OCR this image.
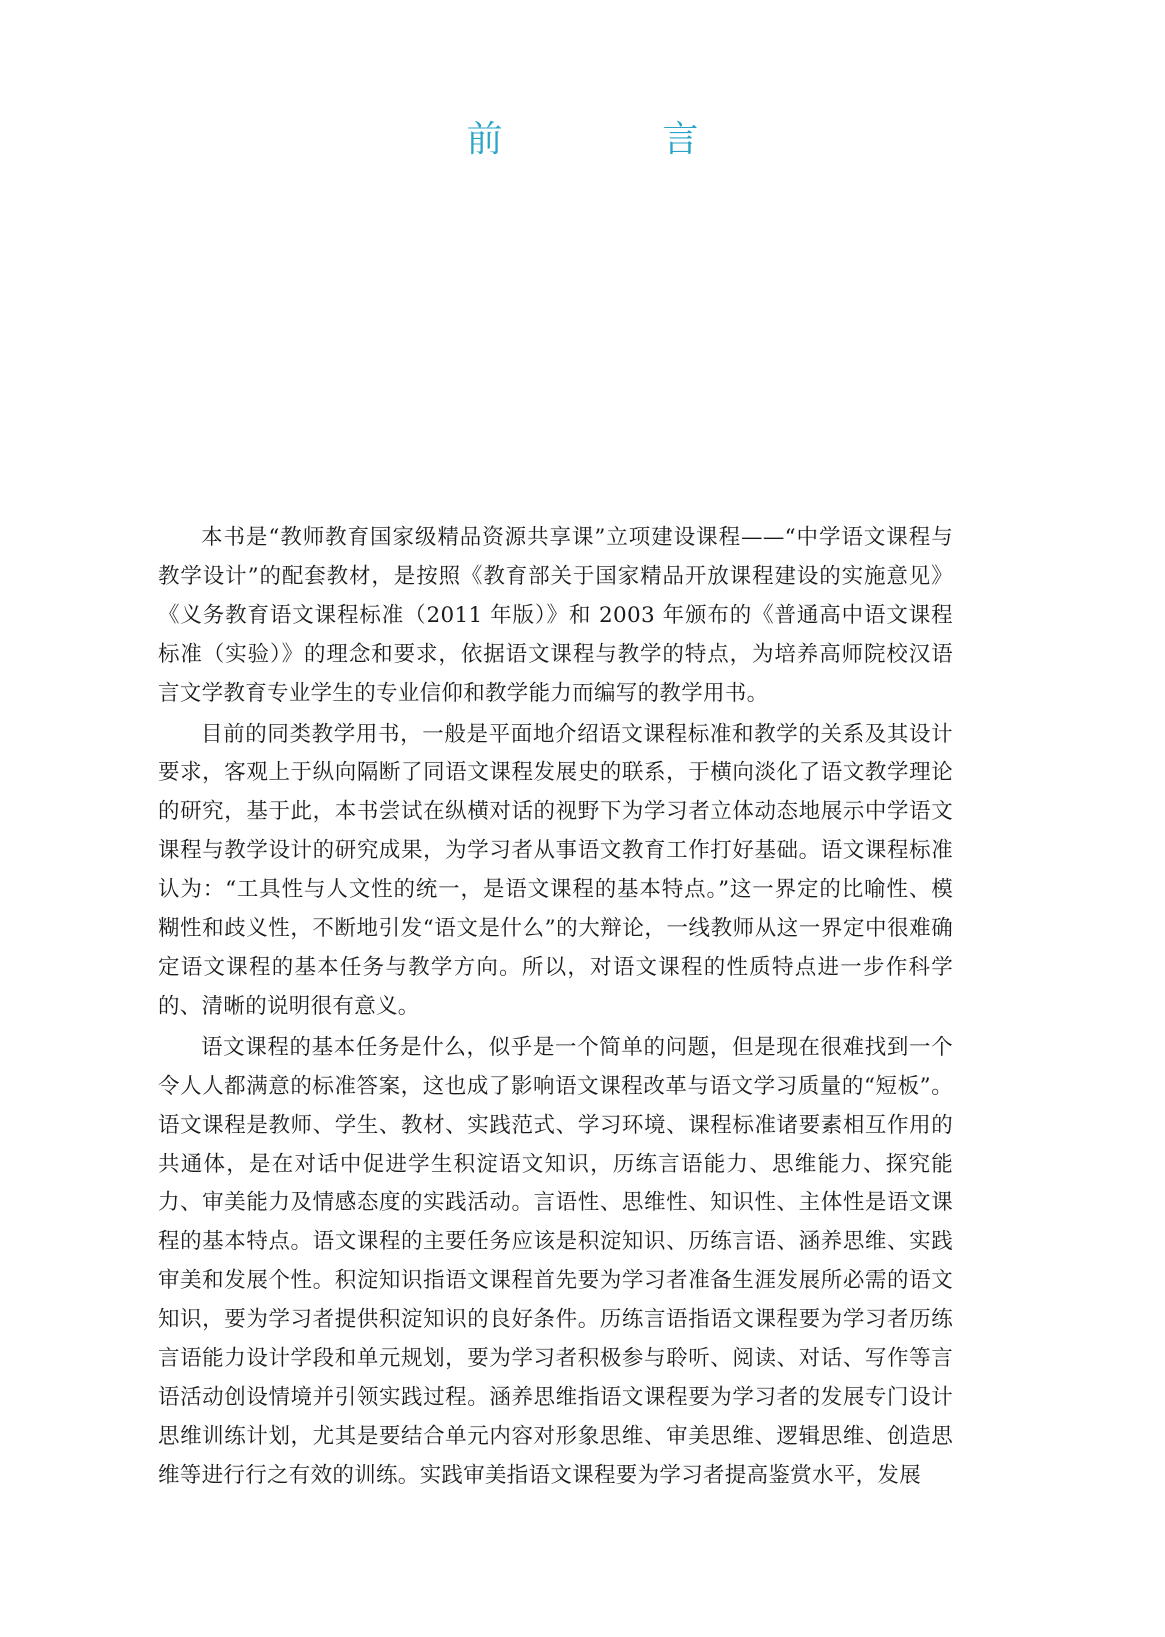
前　言

本书是“教师教育国家级精品资源共享课”立项建设课程——“中学语文课程与教学设计”的配套教材，是按照《教育部关于国家精品开放课程建设的实施意见》《义务教育语文课程标准（2011 年版）》和 2003 年颁布的《普通高中语文课程标准（实验）》的理念和要求，依据语文课程与教学的特点，为培养高师院校汉语言文学教育专业学生的专业信仰和教学能力而编写的教学用书。

目前的同类教学用书，一般是平面地介绍语文课程标准和教学的关系及其设计要求，客观上于纵向隔断了同语文课程发展史的联系，于横向淡化了语文教学理论的研究，基于此，本书尝试在纵横对话的视野下为学习者立体动态地展示中学语文课程与教学设计的研究成果，为学习者从事语文教育工作打好基础。语文课程标准认为：“工具性与人文性的统一，是语文课程的基本特点。”这一界定的比喻性、模糊性和歧义性，不断地引发“语文是什么”的大辩论，一线教师从这一界定中很难确定语文课程的基本任务与教学方向。所以，对语文课程的性质特点进一步作科学的、清晰的说明很有意义。

语文课程的基本任务是什么，似乎是一个简单的问题，但是现在很难找到一个令人人都满意的标准答案，这也成了影响语文课程改革与语文学习质量的“短板”。语文课程是教师、学生、教材、实践范式、学习环境、课程标准诸要素相互作用的共通体，是在对话中促进学生积淀语文知识，历练言语能力、思维能力、探究能力、审美能力及情感态度的实践活动。言语性、思维性、知识性、主体性是语文课程的基本特点。语文课程的主要任务应该是积淀知识、历练言语、涵养思维、实践审美和发展个性。积淀知识指语文课程首先要为学习者准备生涯发展所必需的语文知识，要为学习者提供积淀知识的良好条件。历练言语指语文课程要为学习者历练言语能力设计学段和单元规划，要为学习者积极参与聆听、阅读、对话、写作等言语活动创设情境并引领实践过程。涵养思维指语文课程要为学习者的发展专门设计思维训练计划，尤其是要结合单元内容对形象思维、审美思维、逻辑思维、创造思维等进行行之有效的训练。实践审美指语文课程要为学习者提高鉴赏水平，发展
